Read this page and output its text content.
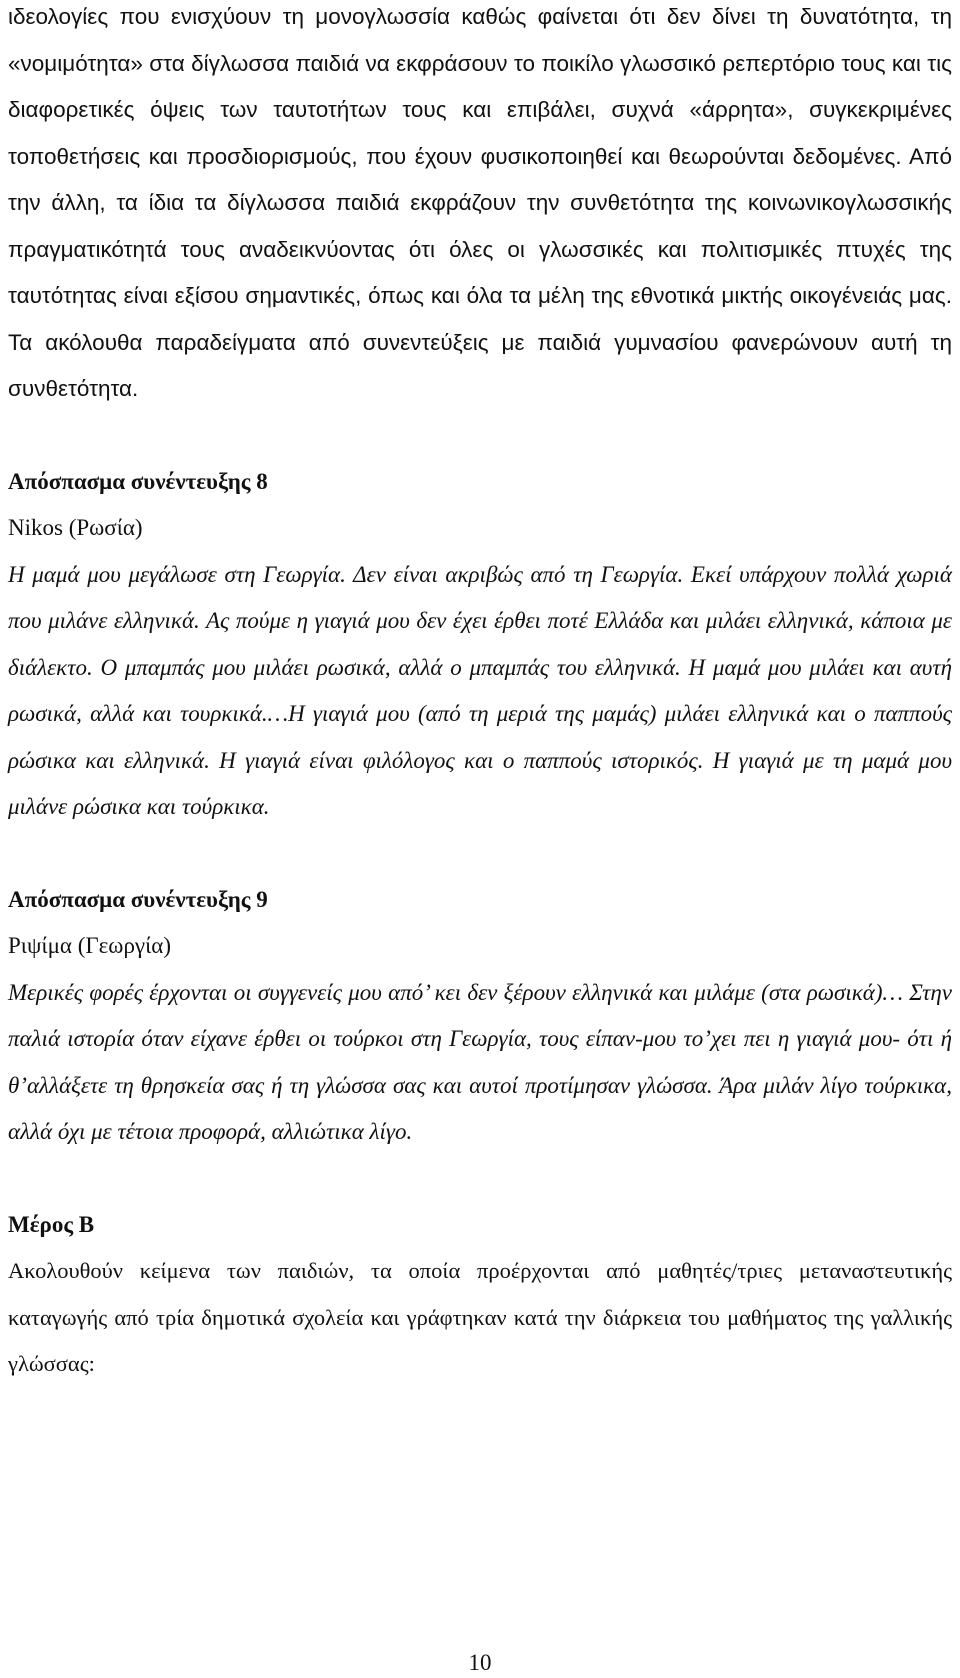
ιδεολογίες που ενισχύουν τη μονογλωσσία καθώς φαίνεται ότι δεν δίνει τη δυνατότητα, τη «νομιμότητα» στα δίγλωσσα παιδιά να εκφράσουν το ποικίλο γλωσσικό ρεπερτόριο τους και τις διαφορετικές όψεις των ταυτοτήτων τους και επιβάλει, συχνά «άρρητα», συγκεκριμένες τοποθετήσεις και προσδιορισμούς, που έχουν φυσικοποιηθεί και θεωρούνται δεδομένες. Από την άλλη, τα ίδια τα δίγλωσσα παιδιά εκφράζουν την συνθετότητα της κοινωνικογλωσσικής πραγματικότητά τους αναδεικνύοντας ότι όλες οι γλωσσικές και πολιτισμικές πτυχές της ταυτότητας είναι εξίσου σημαντικές, όπως και όλα τα μέλη της εθνοτικά μικτής οικογένειάς μας. Τα ακόλουθα παραδείγματα από συνεντεύξεις με παιδιά γυμνασίου φανερώνουν αυτή τη συνθετότητα.

Απόσπασμα συνέντευξης 8

Nikos (Ρωσία)

Η μαμά μου μεγάλωσε στη Γεωργία. Δεν είναι ακριβώς από τη Γεωργία. Εκεί υπάρχουν πολλά χωριά που μιλάνε ελληνικά. Ας πούμε η γιαγιά μου δεν έχει έρθει ποτέ Ελλάδα και μιλάει ελληνικά, κάποια με διάλεκτο. Ο μπαμπάς μου μιλάει ρωσικά, αλλά ο μπαμπάς του ελληνικά. Η μαμά μου μιλάει και αυτή ρωσικά, αλλά και τουρκικά.…Η γιαγιά μου (από τη μεριά της μαμάς) μιλάει ελληνικά και ο παππούς ρώσικα και ελληνικά. Η γιαγιά είναι φιλόλογος και ο παππούς ιστορικός. Η γιαγιά με τη μαμά μου μιλάνε ρώσικα και τούρκικα.

Απόσπασμα συνέντευξης 9

Ριψίμα (Γεωργία)

Μερικές φορές έρχονται οι συγγενείς μου από’ κει δεν ξέρουν ελληνικά και μιλάμε (στα ρωσικά)… Στην παλιά ιστορία όταν είχανε έρθει οι τούρκοι στη Γεωργία, τους είπαν-μου το’χει πει η γιαγιά μου- ότι ή θ’αλλάξετε τη θρησκεία σας ή τη γλώσσα σας και αυτοί προτίμησαν γλώσσα. Άρα μιλάν λίγο τούρκικα, αλλά όχι με τέτοια προφορά, αλλιώτικα λίγο.

Μέρος Β

Ακολουθούν κείμενα των παιδιών, τα οποία προέρχονται από μαθητές/τριες μεταναστευτικής καταγωγής από τρία δημοτικά σχολεία και γράφτηκαν κατά την διάρκεια του μαθήματος της γαλλικής γλώσσας:

10
